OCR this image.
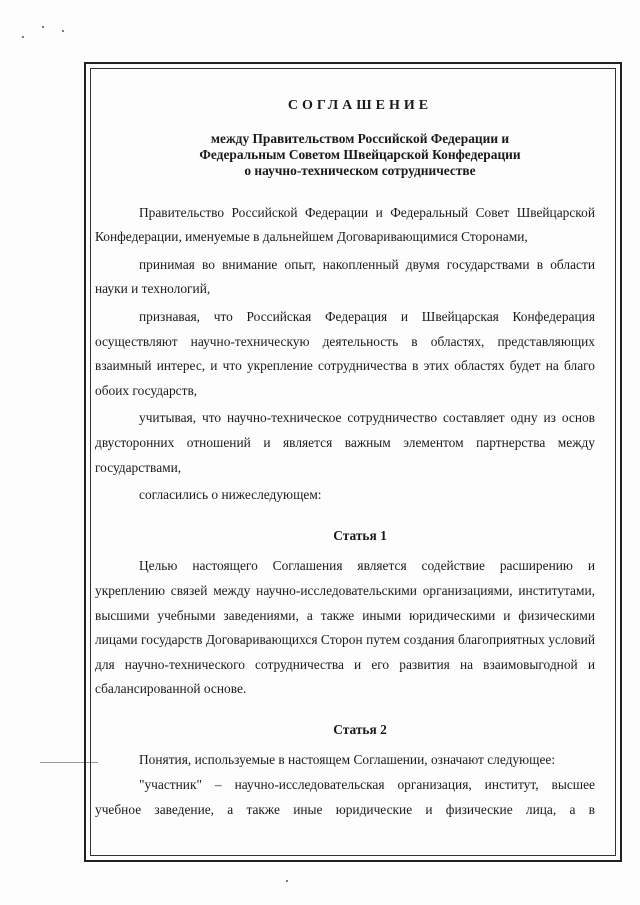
СОГЛАШЕНИЕ
между Правительством Российской Федерации и
Федеральным Советом Швейцарской Конфедерации
о научно-техническом сотрудничестве

Правительство Российской Федерации и Федеральный Совет Швейцарской Конфедерации, именуемые в дальнейшем Договаривающимися Сторонами,

принимая во внимание опыт, накопленный двумя государствами в области науки и технологий,

признавая, что Российская Федерация и Швейцарская Конфедерация осуществляют научно-техническую деятельность в областях, представляющих взаимный интерес, и что укрепление сотрудничества в этих областях будет на благо обоих государств,

учитывая, что научно-техническое сотрудничество составляет одну из основ двусторонних отношений и является важным элементом партнерства между государствами,

согласились о нижеследующем:

Статья 1

Целью настоящего Соглашения является содействие расширению и укреплению связей между научно-исследовательскими организациями, институтами, высшими учебными заведениями, а также иными юридическими и физическими лицами государств Договаривающихся Сторон путем создания благоприятных условий для научно-технического сотрудничества и его развития на взаимовыгодной и сбалансированной основе.

Статья 2

Понятия, используемые в настоящем Соглашении, означают следующее:

"участник" – научно-исследовательская организация, институт, высшее учебное заведение, а также иные юридические и физические лица, а в
